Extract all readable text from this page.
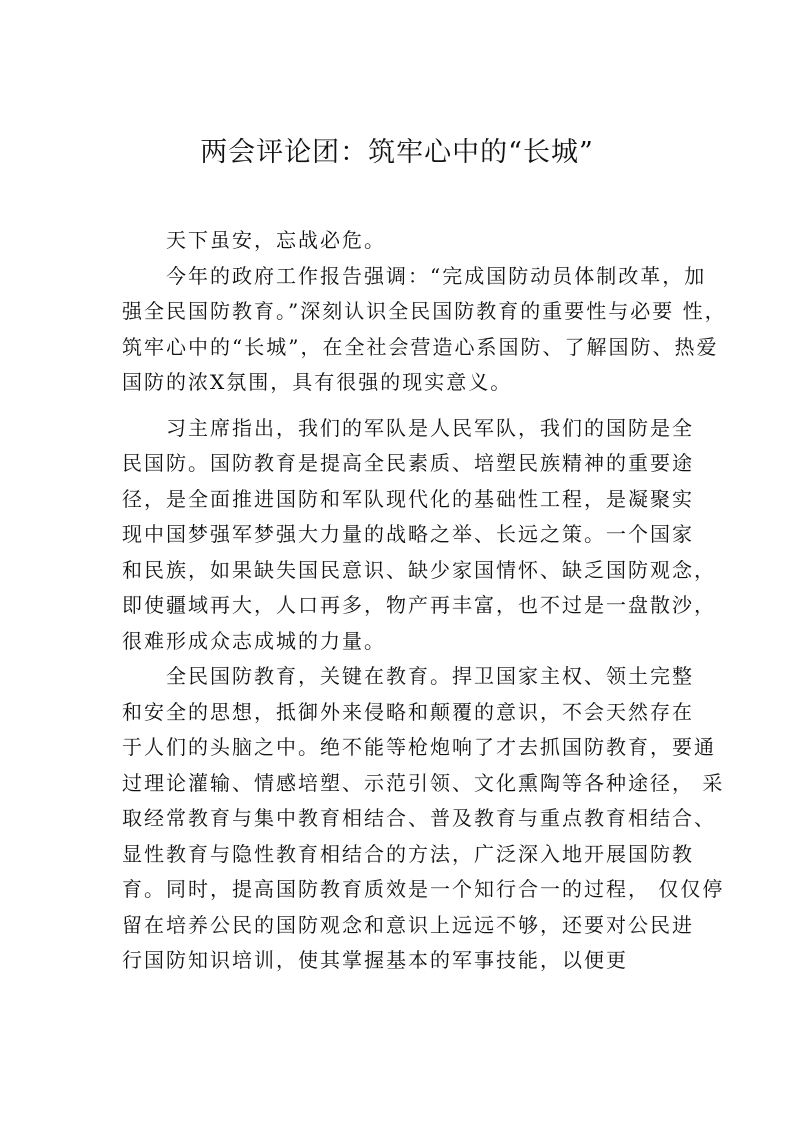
两会评论团：筑牢心中的“长城”
天下虽安，忘战必危。
今年的政府工作报告强调：“完成国防动员体制改革，加
强全民国防教育。”深刻认识全民国防教育的重要性与必要 性，
筑牢心中的“长城”，在全社会营造心系国防、了解国防、热爱
国防的浓X氛围，具有很强的现实意义。
习主席指出，我们的军队是人民军队，我们的国防是全
民国防。国防教育是提高全民素质、培塑民族精神的重要途
径，是全面推进国防和军队现代化的基础性工程，是凝聚实
现中国梦强军梦强大力量的战略之举、长远之策。一个国家
和民族，如果缺失国民意识、缺少家国情怀、缺乏国防观念，
即使疆域再大，人口再多，物产再丰富，也不过是一盘散沙，
很难形成众志成城的力量。
全民国防教育，关键在教育。捍卫国家主权、领土完整
和安全的思想，抵御外来侵略和颠覆的意识，不会天然存在
于人们的头脑之中。绝不能等枪炮响了才去抓国防教育，要通
过理论灌输、情感培塑、示范引领、文化熏陶等各种途径， 采
取经常教育与集中教育相结合、普及教育与重点教育相结合、
显性教育与隐性教育相结合的方法，广泛深入地开展国防教
育。同时，提高国防教育质效是一个知行合一的过程， 仅仅停
留在培养公民的国防观念和意识上远远不够，还要对公民进
行国防知识培训，使其掌握基本的军事技能，以便更
